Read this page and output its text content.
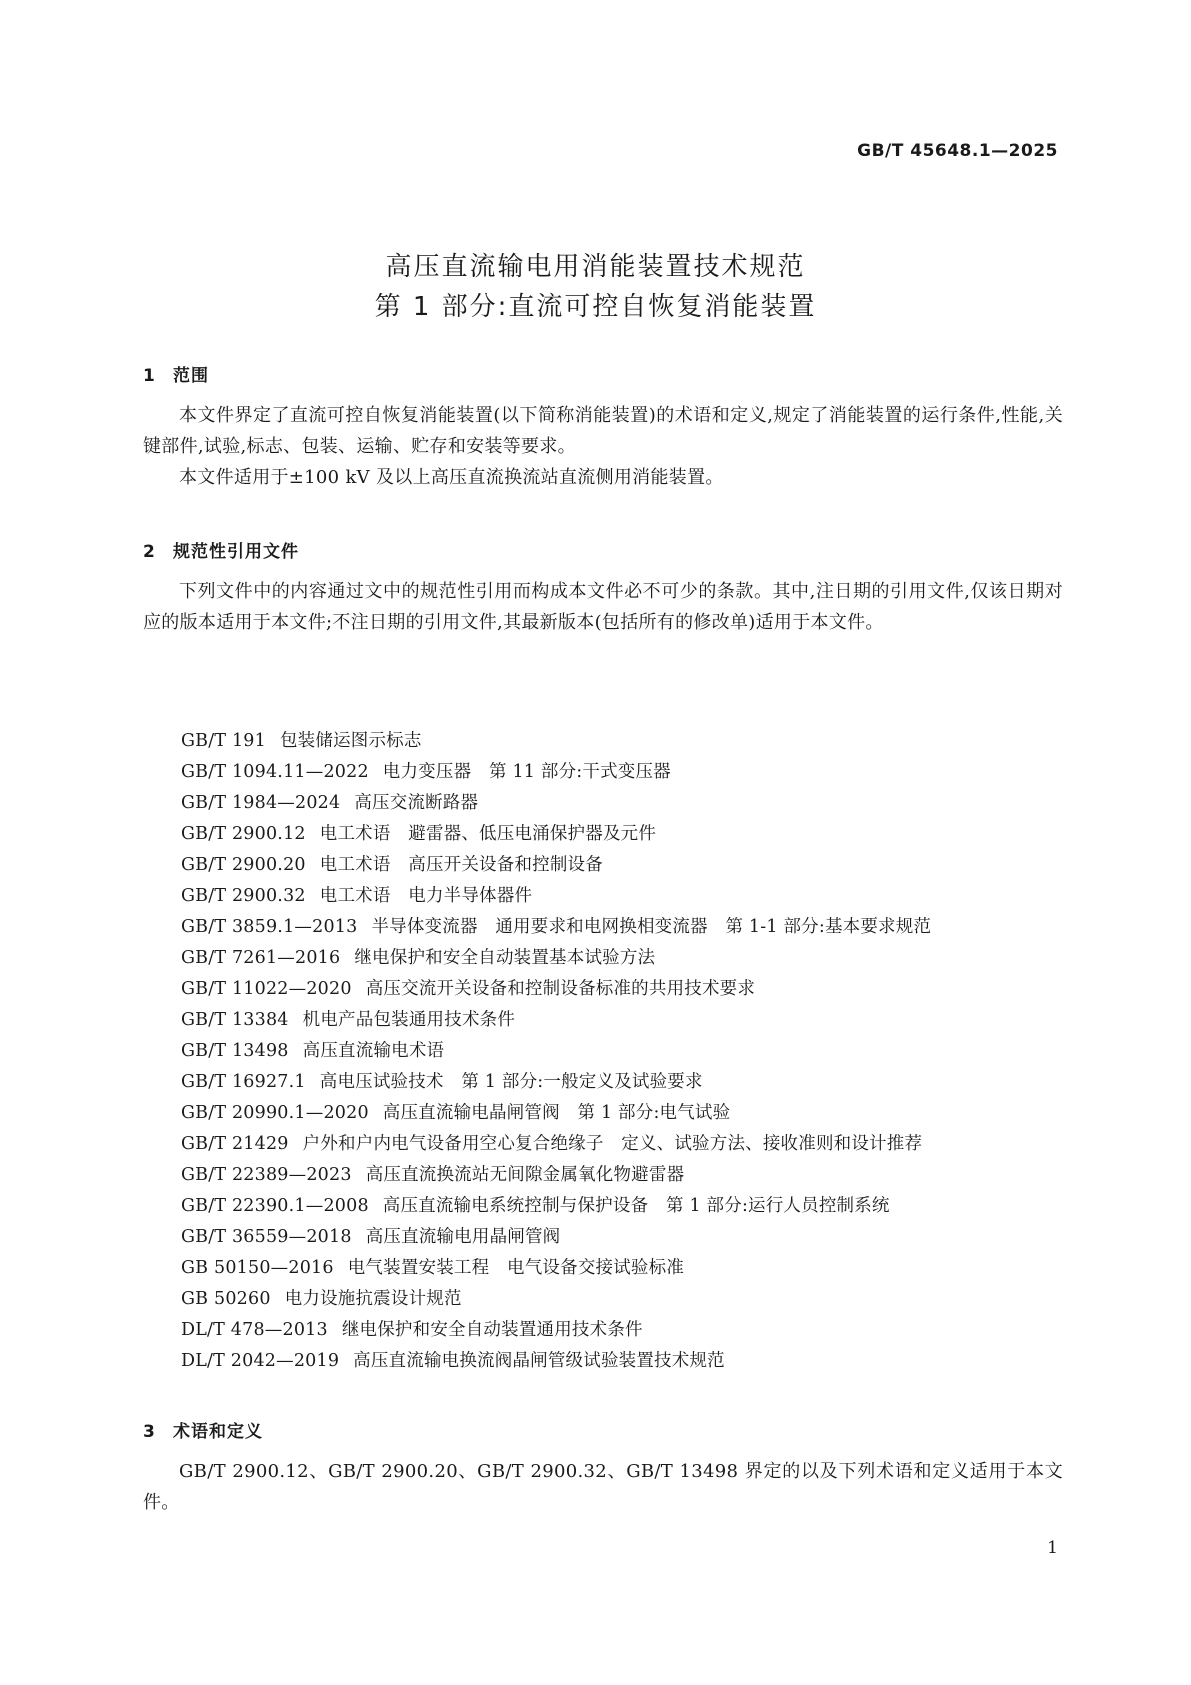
GB/T 45648.1—2025
高压直流输电用消能装置技术规范
第 1 部分:直流可控自恢复消能装置
1 范围

本文件界定了直流可控自恢复消能装置(以下简称消能装置)的术语和定义,规定了消能装置的运行条件,性能,关键部件,试验,标志、包装、运输、贮存和安装等要求。

本文件适用于±100 kV 及以上高压直流换流站直流侧用消能装置。

2 规范性引用文件

下列文件中的内容通过文中的规范性引用而构成本文件必不可少的条款。其中,注日期的引用文件,仅该日期对应的版本适用于本文件;不注日期的引用文件,其最新版本(包括所有的修改单)适用于本文件。

GB/T 191 包装储运图示标志
GB/T 1094.11—2022 电力变压器　第 11 部分:干式变压器
GB/T 1984—2024 高压交流断路器
GB/T 2900.12 电工术语　避雷器、低压电涌保护器及元件
GB/T 2900.20 电工术语　高压开关设备和控制设备
GB/T 2900.32 电工术语　电力半导体器件
GB/T 3859.1—2013 半导体变流器　通用要求和电网换相变流器　第 1-1 部分:基本要求规范
GB/T 7261—2016 继电保护和安全自动装置基本试验方法
GB/T 11022—2020 高压交流开关设备和控制设备标准的共用技术要求
GB/T 13384 机电产品包装通用技术条件
GB/T 13498 高压直流输电术语
GB/T 16927.1 高电压试验技术　第 1 部分:一般定义及试验要求
GB/T 20990.1—2020 高压直流输电晶闸管阀　第 1 部分:电气试验
GB/T 21429 户外和户内电气设备用空心复合绝缘子　定义、试验方法、接收准则和设计推荐
GB/T 22389—2023 高压直流换流站无间隙金属氧化物避雷器
GB/T 22390.1—2008 高压直流输电系统控制与保护设备　第 1 部分:运行人员控制系统
GB/T 36559—2018 高压直流输电用晶闸管阀
GB 50150—2016 电气装置安装工程　电气设备交接试验标准
GB 50260 电力设施抗震设计规范
DL/T 478—2013 继电保护和安全自动装置通用技术条件
DL/T 2042—2019 高压直流输电换流阀晶闸管级试验装置技术规范
3 术语和定义

GB/T 2900.12、GB/T 2900.20、GB/T 2900.32、GB/T 13498 界定的以及下列术语和定义适用于本文件。

1
